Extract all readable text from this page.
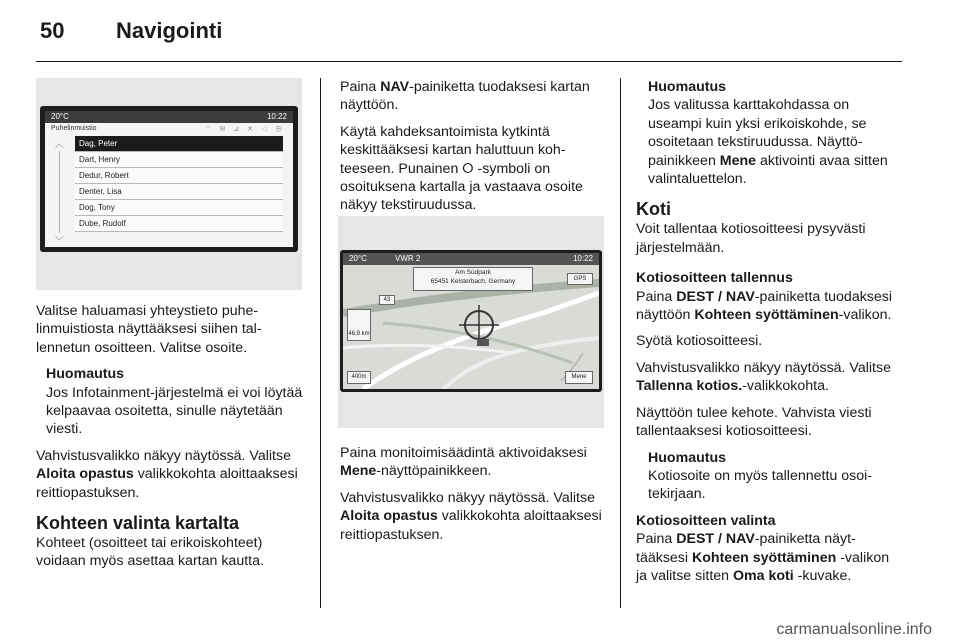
50 Navigointi
20°C	10:22
Puhelinmuistio	⌔ ✉ ⊿ ✕ ◁ ⊕
︿
﹀
Dag, Peter
Dart, Henry
Dedur, Robert
Denter, Lisa
Dog, Tony
Dube, Rudolf

Valitse haluamasi yhteystieto puhelinmuistiosta näyttääksesi siihen tallennetun osoitteen. Valitse osoite.

Huomautus
Jos Infotainment-järjestelmä ei voi löytää kelpaavaa osoitetta, sinulle näytetään viesti.

Vahvistusvalikko näkyy näytössä. Valitse Aloita opastus valikkokohta aloittaaksesi reittiopastuksen.

Kohteen valinta kartalta

Kohteet (osoitteet tai erikoiskohteet) voidaan myös asettaa kartan kautta.

Paina NAV-painiketta tuodaksesi kartan näyttöön.

Käytä kahdeksantoimista kytkintä keskittääksesi kartan haluttuun kohteeseen. Punainen ⭘ -symboli on osoituksena kartalla ja vastaava osoite näkyy tekstiruudussa.

20°C	VWR 2	10:22
Am Südpark
65451 Kelsterbach, Germany	GPS
Mene
46.9 km
400m
43

Paina monitoimisäädintä aktivoidaksesi Mene-näyttöpainikkeen.

Vahvistusvalikko näkyy näytössä. Valitse Aloita opastus valikkokohta aloittaaksesi reittiopastuksen.

Huomautus
Jos valitussa karttakohdassa on useampi kuin yksi erikoiskohde, se osoitetaan tekstiruudussa. Näyttöpainikkeen Mene aktivointi avaa sitten valintaluettelon.
Koti

Voit tallentaa kotiosoitteesi pysyvästi järjestelmään.

Kotiosoitteen tallennus

Paina DEST / NAV-painiketta tuodaksesi näyttöön Kohteen syöttäminen-valikon.

Syötä kotiosoitteesi.

Vahvistusvalikko näkyy näytössä. Valitse Tallenna kotios.-valikkokohta.

Näyttöön tulee kehote. Vahvista viesti tallentaaksesi kotiosoitteesi.

Huomautus
Kotiosoite on myös tallennettu osoitekirjaan.
Kotiosoitteen valinta

Paina DEST / NAV-painiketta näyttääksesi Kohteen syöttäminen -valikon ja valitse sitten Oma koti -kuvake.

carmanualsonline.info
